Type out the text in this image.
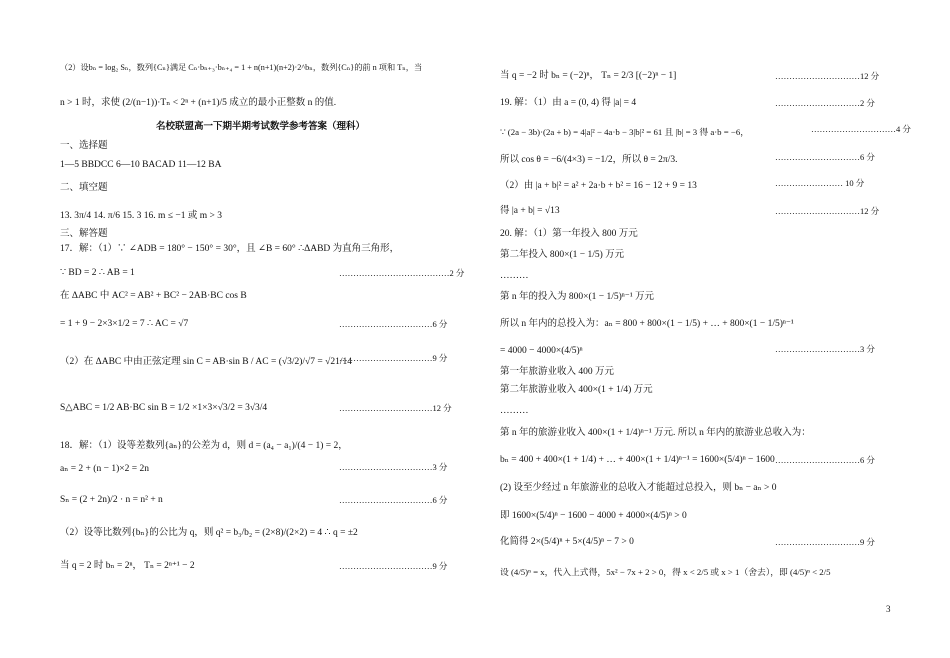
（2）设bₙ = log₂ Sₙ，数列{Cₙ}满足 Cₙ·bₙ₊₃·bₙ₊₄ = 1 + n(n+1)(n+2)·2^bₙ，数列{Cₙ}的前 n 项和 Tₙ，当
n > 1 时，求使 (2/(n−1))·Tₙ < 2ⁿ + (n+1)/5 成立的最小正整数 n 的值.
名校联盟高一下期半期考试数学参考答案（理科）
一、选择题
1—5 BBDCC 6—10 BACAD 11—12 BA
二、填空题
13. 3π/4 14. π/6 15. 3 16. m ≤ −1 或 m > 3
三、解答题
17．解：（1）∵ ∠ADB = 180° − 150° = 30°，且 ∠B = 60° ∴ΔABD 为直角三角形，
∵ BD = 2 ∴ AB = 1
在 ΔABC 中 AC² = AB² + BC² − 2AB·BC cos B
= 1 + 9 − 2×3×1/2 = 7 ∴ AC = √7
（2）在 ΔABC 中由正弦定理 sin C = AB·sin B / AC = (√3/2)/√7 = √21/14
S△ABC = 1/2 AB·BC sin B = 1/2 ×1×3×√3/2 = 3√3/4
18．解：（1）设等差数列{aₙ}的公差为 d，则 d = (a₄ − a₁)/(4 − 1) = 2，
aₙ = 2 + (n − 1)×2 = 2n
Sₙ = (2 + 2n)/2 · n = n² + n
（2）设等比数列{bₙ}的公比为 q，则 q² = b₃/b₂ = (2×8)/(2×2) = 4 ∴ q = ±2
当 q = 2 时 bₙ = 2ⁿ， Tₙ = 2ⁿ⁺¹ − 2
…………………………………2 分
……………………………6 分
……………………………9 分
……………………………12 分
……………………………3 分
……………………………6 分
……………………………9 分
当 q = −2 时 bₙ = (−2)ⁿ， Tₙ = 2/3 [(−2)ⁿ − 1]
19. 解：（1）由 a = (0, 4) 得 |a| = 4
∵ (2a − 3b)·(2a + b) = 4|a|² − 4a·b − 3|b|² = 61 且 |b| = 3 得 a·b = −6，
所以 cos θ = −6/(4×3) = −1/2，所以 θ = 2π/3.
（2）由 |a + b|² = a² + 2a·b + b² = 16 − 12 + 9 = 13
得 |a + b| = √13
20. 解：（1）第一年投入 800 万元
第二年投入 800×(1 − 1/5) 万元
………
第 n 年的投入为 800×(1 − 1/5)ⁿ⁻¹ 万元
所以 n 年内的总投入为：aₙ = 800 + 800×(1 − 1/5) + … + 800×(1 − 1/5)ⁿ⁻¹
= 4000 − 4000×(4/5)ⁿ
第一年旅游业收入 400 万元
第二年旅游业收入 400×(1 + 1/4) 万元
………
第 n 年的旅游业收入 400×(1 + 1/4)ⁿ⁻¹ 万元. 所以 n 年内的旅游业总收入为：
bₙ = 400 + 400×(1 + 1/4) + … + 400×(1 + 1/4)ⁿ⁻¹ = 1600×(5/4)ⁿ − 1600
(2) 设至少经过 n 年旅游业的总收入才能超过总投入，则 bₙ − aₙ > 0
即 1600×(5/4)ⁿ − 1600 − 4000 + 4000×(4/5)ⁿ > 0
化简得 2×(5/4)ⁿ + 5×(4/5)ⁿ − 7 > 0
设 (4/5)ⁿ = x，代入上式得，5x² − 7x + 2 > 0，得 x < 2/5 或 x > 1（舍去），即 (4/5)ⁿ < 2/5
…………………………12 分
…………………………2 分
…………………………4 分
…………………………6 分
…………………… 10 分
…………………………12 分
…………………………3 分
…………………………6 分
…………………………9 分
3
